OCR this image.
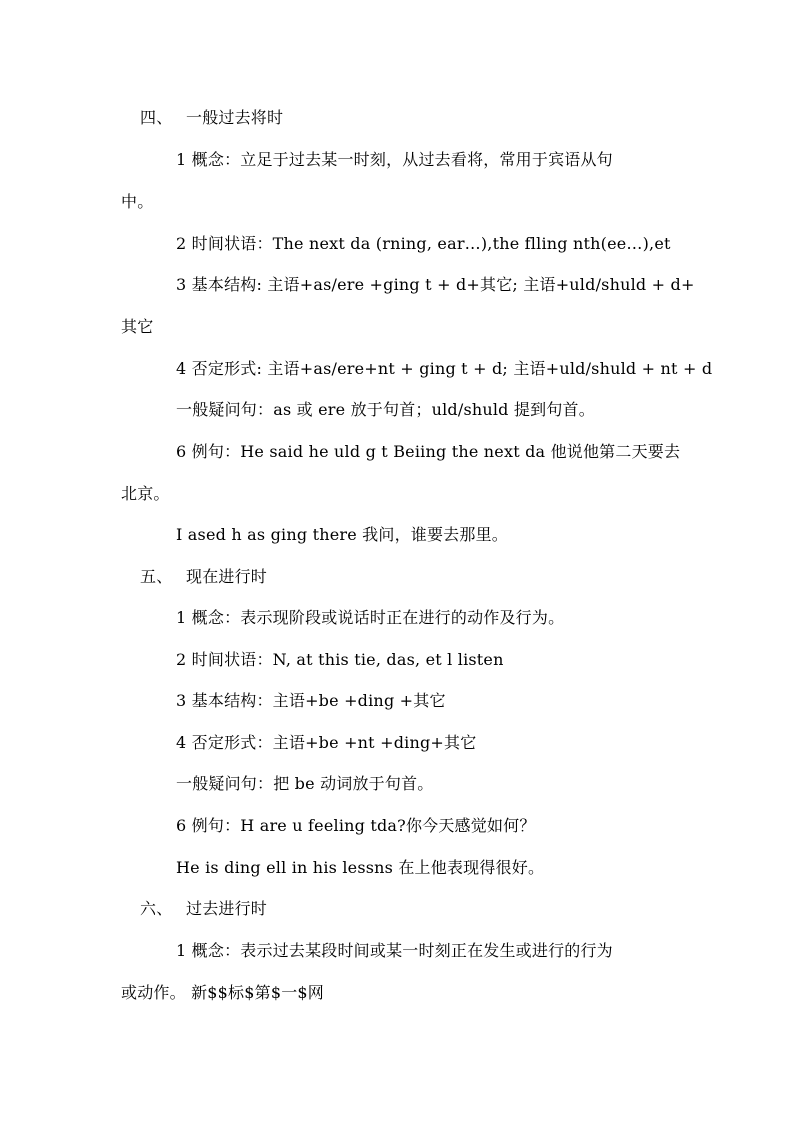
四、 一般过去将时
1 概念：立足于过去某一时刻，从过去看将，常用于宾语从句
中。
2 时间状语：The next da (rning, ear…),the flling nth(ee…),et
3 基本结构: 主语+as/ere +ging t + d+其它; 主语+uld/shuld + d+
其它
4 否定形式: 主语+as/ere+nt + ging t + d; 主语+uld/shuld + nt + d
一般疑问句：as 或 ere 放于句首；uld/shuld 提到句首。
6 例句：He said he uld g t Beiing the next da 他说他第二天要去
北京。
I ased h as ging there 我问，谁要去那里。
五、 现在进行时
1 概念：表示现阶段或说话时正在进行的动作及行为。
2 时间状语：N, at this tie, das, et l listen
3 基本结构：主语+be +ding +其它
4 否定形式：主语+be +nt +ding+其它
一般疑问句：把 be 动词放于句首。
6 例句：H are u feeling tda?你今天感觉如何？
He is ding ell in his lessns 在上他表现得很好。
六、 过去进行时
1 概念：表示过去某段时间或某一时刻正在发生或进行的行为
或动作。 新$$标$第$一$网
